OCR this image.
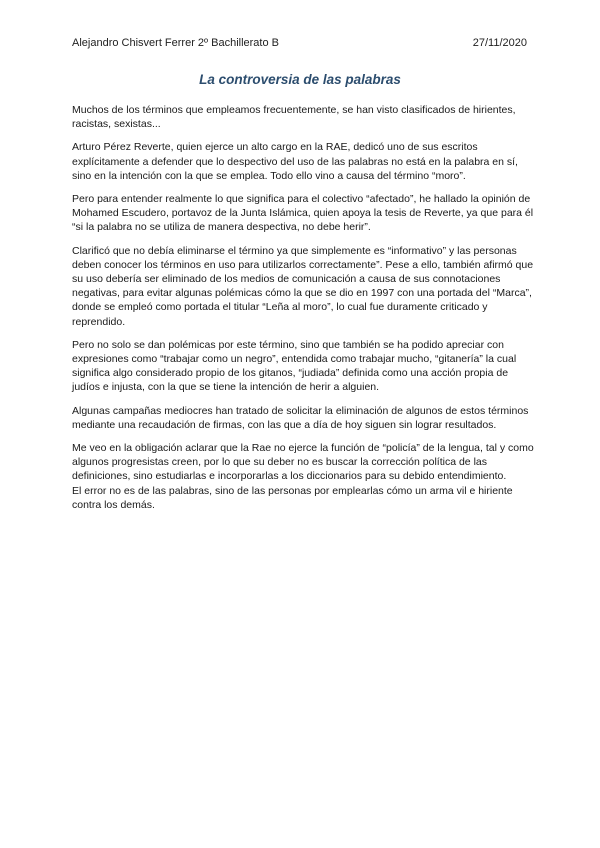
Alejandro Chisvert Ferrer 2º Bachillerato B	27/11/2020
La controversia de las palabras

Muchos de los términos que empleamos frecuentemente, se han visto clasificados de hirientes, racistas, sexistas...

Arturo Pérez Reverte, quien ejerce un alto cargo en la RAE, dedicó uno de sus escritos explícitamente a defender que lo despectivo del uso de las palabras no está en la palabra en sí, sino en la intención con la que se emplea. Todo ello vino a causa del término “moro”.

Pero para entender realmente lo que significa para el colectivo “afectado”, he hallado la opinión de Mohamed Escudero, portavoz de la Junta Islámica, quien apoya la tesis de Reverte, ya que para él “si la palabra no se utiliza de manera despectiva, no debe herir”.

Clarificó que no debía eliminarse el término ya que simplemente es “informativo” y las personas deben conocer los términos en uso para utilizarlos correctamente”. Pese a ello, también afirmó que su uso debería ser eliminado de los medios de comunicación a causa de sus connotaciones negativas, para evitar algunas polémicas cómo la que se dio en 1997 con una portada del “Marca”, donde se empleó como portada el titular “Leña al moro”, lo cual fue duramente criticado y reprendido.

Pero no solo se dan polémicas por este término, sino que también se ha podido apreciar con expresiones como “trabajar como un negro”, entendida como trabajar mucho, “gitanería” la cual significa algo considerado propio de los gitanos, “judiada” definida como una acción propia de judíos e injusta, con la que se tiene la intención de herir a alguien.

Algunas campañas mediocres han tratado de solicitar la eliminación de algunos de estos términos mediante una recaudación de firmas, con las que a día de hoy siguen sin lograr resultados.

Me veo en la obligación aclarar que la Rae no ejerce la función de “policía” de la lengua, tal y como algunos progresistas creen, por lo que su deber no es buscar la corrección política de las definiciones, sino estudiarlas e incorporarlas a los diccionarios para su debido entendimiento.

El error no es de las palabras, sino de las personas por emplearlas cómo un arma vil e hiriente contra los demás.
